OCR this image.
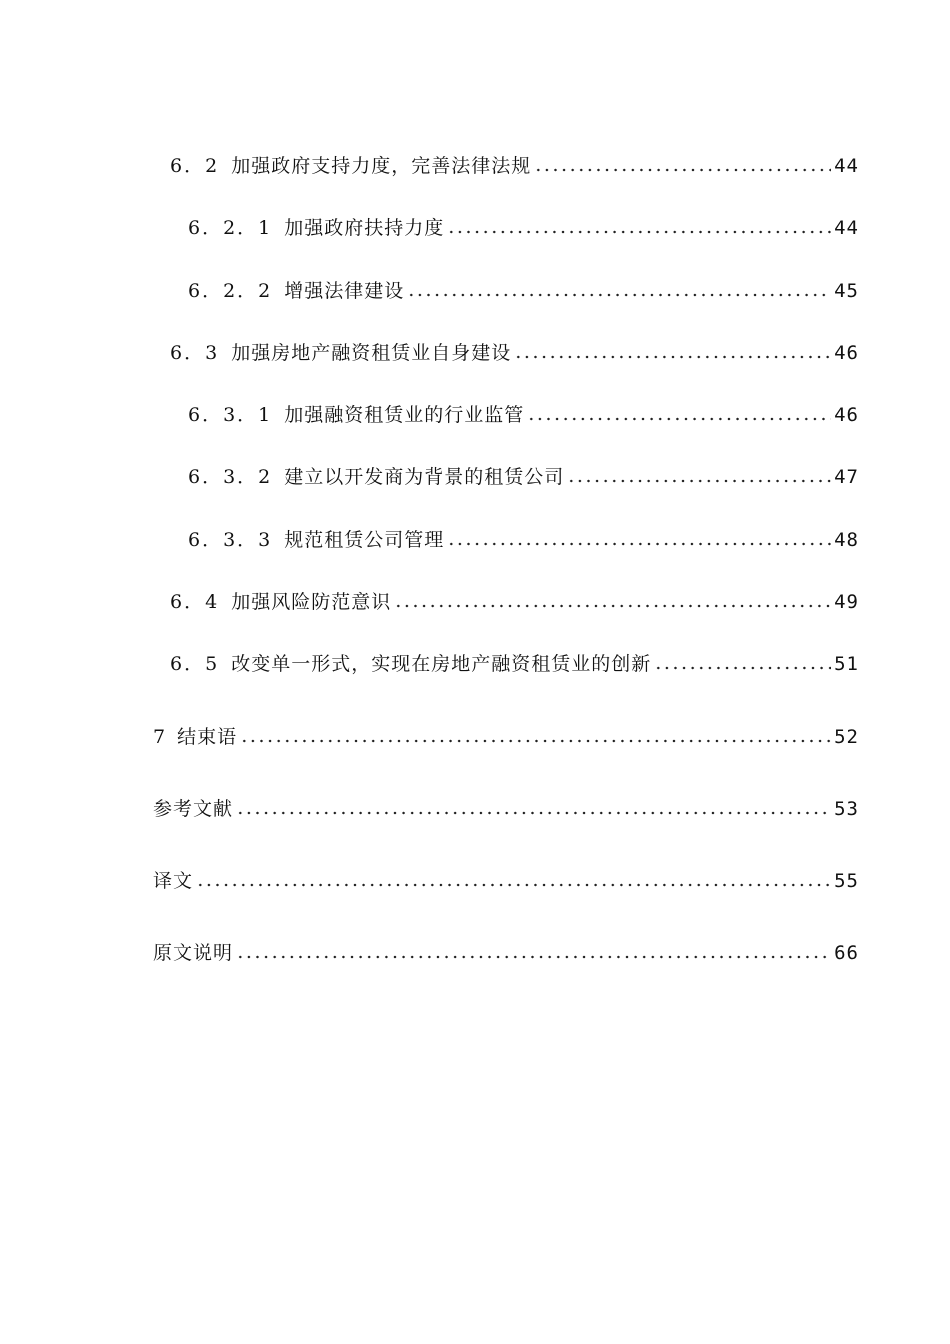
6．2 加强政府支持力度，完善法律法规	44
6．2．1 加强政府扶持力度	44
6．2．2 增强法律建设	45
6．3 加强房地产融资租赁业自身建设	46
6．3．1 加强融资租赁业的行业监管	46
6．3．2 建立以开发商为背景的租赁公司	47
6．3．3 规范租赁公司管理	48
6．4 加强风险防范意识	49
6．5 改变单一形式，实现在房地产融资租赁业的创新	51
7 结束语	52
参考文献	53
译文	55
原文说明	66
